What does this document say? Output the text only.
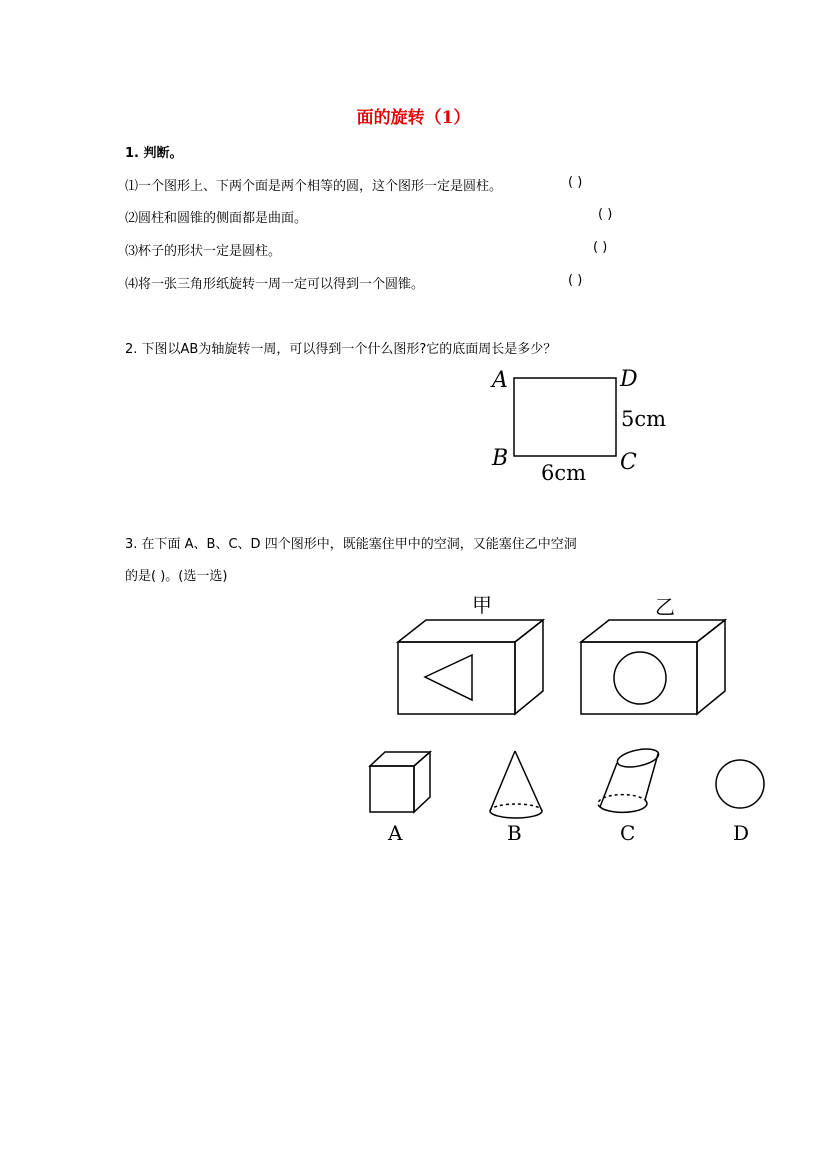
面的旋转（1）
1. 判断。
⑴一个图形上、下两个面是两个相等的圆，这个图形一定是圆柱。	( )
⑵圆柱和圆锥的侧面都是曲面。	( )
⑶杯子的形状一定是圆柱。	( )
⑷将一张三角形纸旋转一周一定可以得到一个圆锥。	( )
2. 下图以AB为轴旋转一周，可以得到一个什么图形?它的底面周长是多少？
A	D
B	C
5cm
6cm
3. 在下面 A、B、C、D 四个图形中，既能塞住甲中的空洞，又能塞住乙中空洞
的是( )。(选一选)
甲	乙
A	B	C	D
